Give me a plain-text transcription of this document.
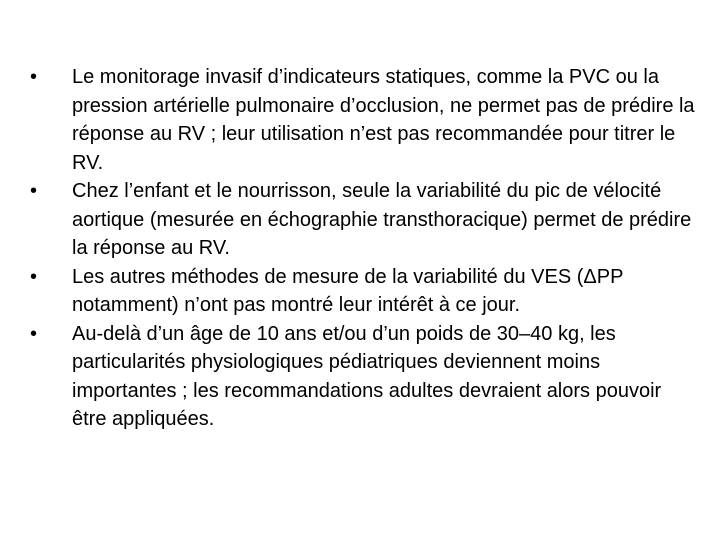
•	Le monitorage invasif d’indicateurs statiques, comme la PVC ou la pression artérielle pulmonaire d’occlusion, ne permet pas de prédire la réponse au RV ; leur utilisation n’est pas recommandée pour titrer le RV.
•	Chez l’enfant et le nourrisson, seule la variabilité du pic de vélocité aortique (mesurée en échographie transthoracique) permet de prédire la réponse au RV.
•	Les autres méthodes de mesure de la variabilité du VES (ΔPP notamment) n’ont pas montré leur intérêt à ce jour.
•	Au-delà d’un âge de 10 ans et/ou d’un poids de 30–40 kg, les particularités physiologiques pédiatriques deviennent moins importantes ; les recommandations adultes devraient alors pouvoir être appliquées.
